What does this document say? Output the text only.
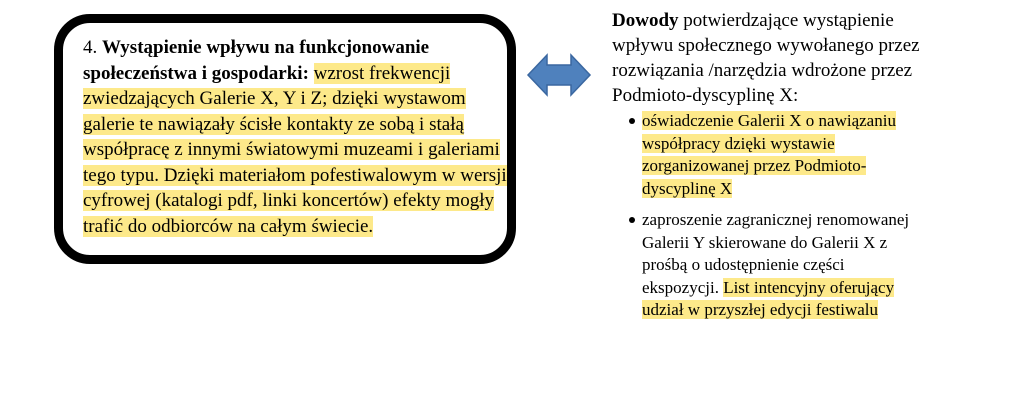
4. Wystąpienie wpływu na funkcjonowanie społeczeństwa i gospodarki: wzrost frekwencji zwiedzających Galerie X, Y i Z; dzięki wystawom galerie te nawiązały ścisłe kontakty ze sobą i stałą współpracę z innymi światowymi muzeami i galeriami tego typu. Dzięki materiałom pofestiwalowym w wersji cyfrowej (katalogi pdf, linki koncertów) efekty mogły trafić do odbiorców na całym świecie.
Dowody potwierdzające wystąpienie wpływu społecznego wywołanego przez rozwiązania /narzędzia wdrożone przez Podmioto-dyscyplinę X:
oświadczenie Galerii X o nawiązaniu współpracy dzięki wystawie zorganizowanej przez Podmioto-dyscyplinę X
zaproszenie zagranicznej renomowanej Galerii Y skierowane do Galerii X z prośbą o udostępnienie części ekspozycji. List intencyjny oferujący udział w przyszłej edycji festiwalu
